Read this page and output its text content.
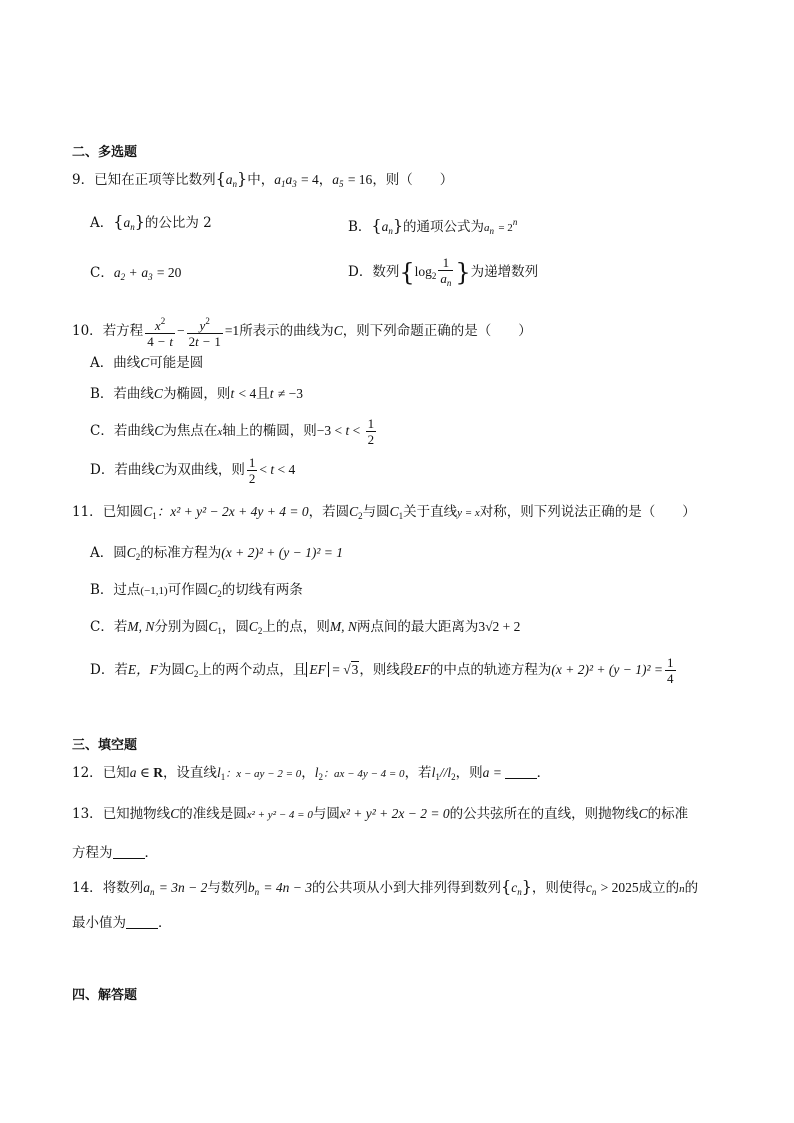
二、多选题
9．已知在正项等比数列$\{a_n\}$中，$a_1a_3 = 4$，$a_5 = 16$，则（　　）
A．$\{a_n\}$的公比为 2	B．$\{a_n\}$的通项公式为$a_n = 2^n$
C．$a_2 + a_3 = 20$	D．数列{$\log_2 \frac{1}{a_n}$ }为递增数列
10．若方程 $\frac{x^2}{4 - t} - \frac{y^2}{2t - 1} =1$所表示的曲线为C，则下列命题正确的是（　　）
A．曲线C可能是圆
B．若曲线C为椭圆，则t < 4且t ≠ −3
C．若曲线C为焦点在x轴上的椭圆，则$-3 < t < \frac{1}{2}$
D．若曲线C为双曲线，则 $\frac{1}{2} < t < 4$
11．已知圆$C_1$：x² + y² − 2x + 4y + 4 = 0，若圆$C_2$与圆$C_1$关于直线y = x对称，则下列说法正确的是（　　）
A．圆$C_2$的标准方程为(x + 2)² + (y − 1)² = 1
B．过点(−1,1)可作圆$C_2$的切线有两条
C．若M, N分别为圆$C_1$，圆$C_2$上的点，则M, N两点间的最大距离为3√2 + 2
D．若E，F为圆$C_2$上的两个动点，且 EF = √3，则线段EF的中点的轨迹方程为$(x + 2)^2 + (y - 1)^2 = \frac{1}{4}$
三、填空题
12．已知a ∈ R，设直线$l_1$：x − ay − 2 = 0，$l_2$：ax − 4y − 4 = 0，若$l_1//l_2$，则a = ．
13．已知抛物线C的准线是圆x² + y² − 4 = 0与圆x² + y² + 2x − 2 = 0的公共弦所在的直线，则抛物线C的标准
方程为 ．
14．将数列$a_n = 3n - 2$与数列$b_n = 4n - 3$的公共项从小到大排列得到数列$\{c_n\}$，则使得$c_n > 2025$成立的n的
最小值为 ．
四、解答题
